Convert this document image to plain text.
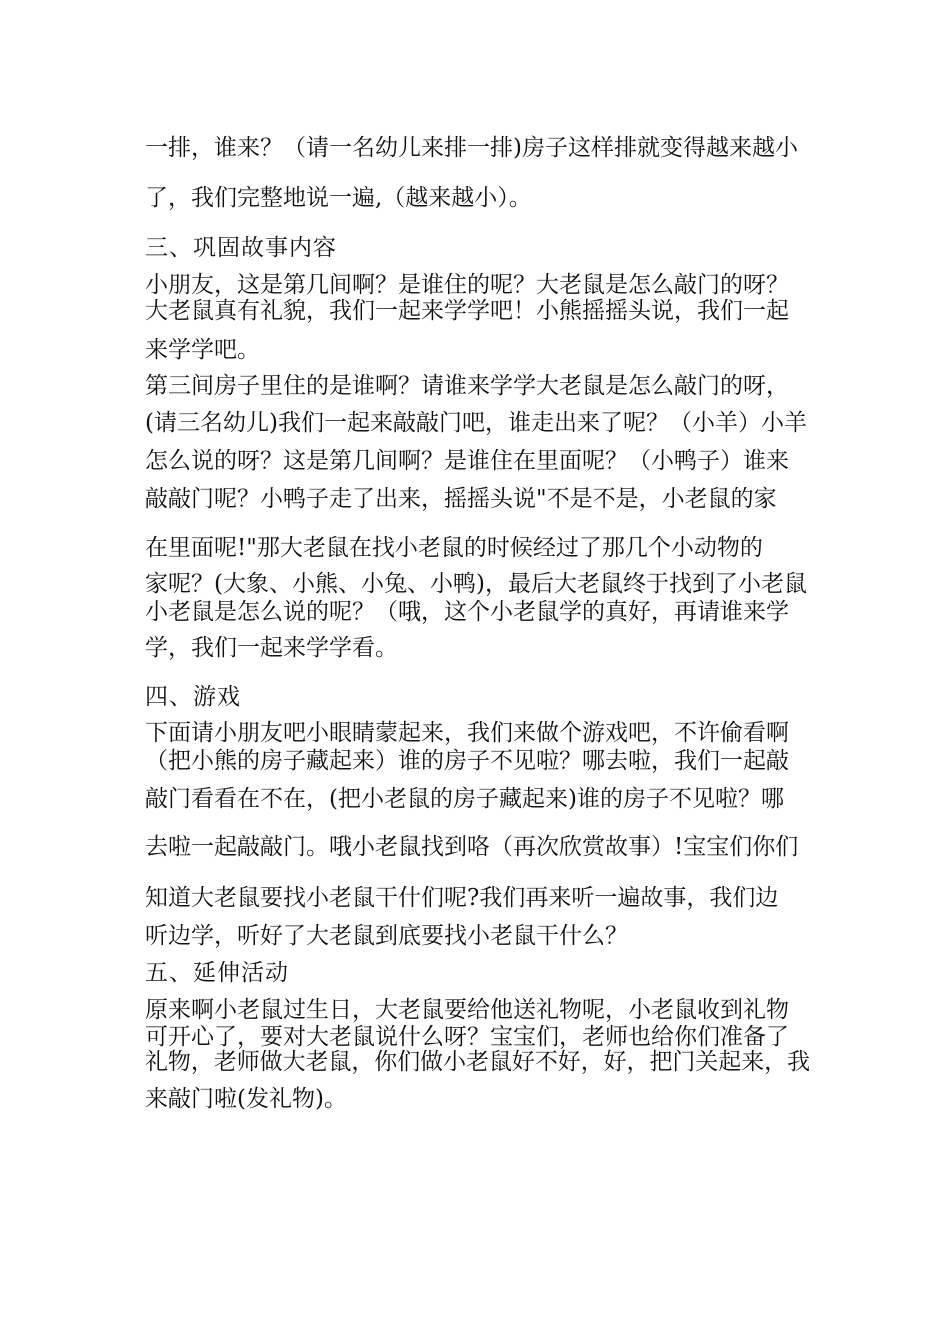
一排，谁来？（请一名幼儿来排一排)房子这样排就变得越来越小
了，我们完整地说一遍,（越来越小）。
三、巩固故事内容
小朋友，这是第几间啊？是谁住的呢？大老鼠是怎么敲门的呀？
大老鼠真有礼貌，我们一起来学学吧！小熊摇摇头说，我们一起
来学学吧。
第三间房子里住的是谁啊？请谁来学学大老鼠是怎么敲门的呀，
(请三名幼儿)我们一起来敲敲门吧，谁走出来了呢？（小羊）小羊
怎么说的呀？这是第几间啊？是谁住在里面呢？（小鸭子）谁来
敲敲门呢？小鸭子走了出来，摇摇头说"不是不是，小老鼠的家
在里面呢!"那大老鼠在找小老鼠的时候经过了那几个小动物的
家呢？(大象、小熊、小兔、小鸭)，最后大老鼠终于找到了小老鼠
小老鼠是怎么说的呢？（哦，这个小老鼠学的真好，再请谁来学
学，我们一起来学学看。
四、游戏
下面请小朋友吧小眼睛蒙起来，我们来做个游戏吧，不许偷看啊
（把小熊的房子藏起来）谁的房子不见啦？哪去啦，我们一起敲
敲门看看在不在，(把小老鼠的房子藏起来)谁的房子不见啦？哪
去啦一起敲敲门。哦小老鼠找到咯（再次欣赏故事）!宝宝们你们
知道大老鼠要找小老鼠干什们呢?我们再来听一遍故事，我们边
听边学，听好了大老鼠到底要找小老鼠干什么？
五、延伸活动
原来啊小老鼠过生日，大老鼠要给他送礼物呢，小老鼠收到礼物
可开心了，要对大老鼠说什么呀？宝宝们，老师也给你们准备了
礼物，老师做大老鼠，你们做小老鼠好不好，好，把门关起来，我
来敲门啦(发礼物)。
